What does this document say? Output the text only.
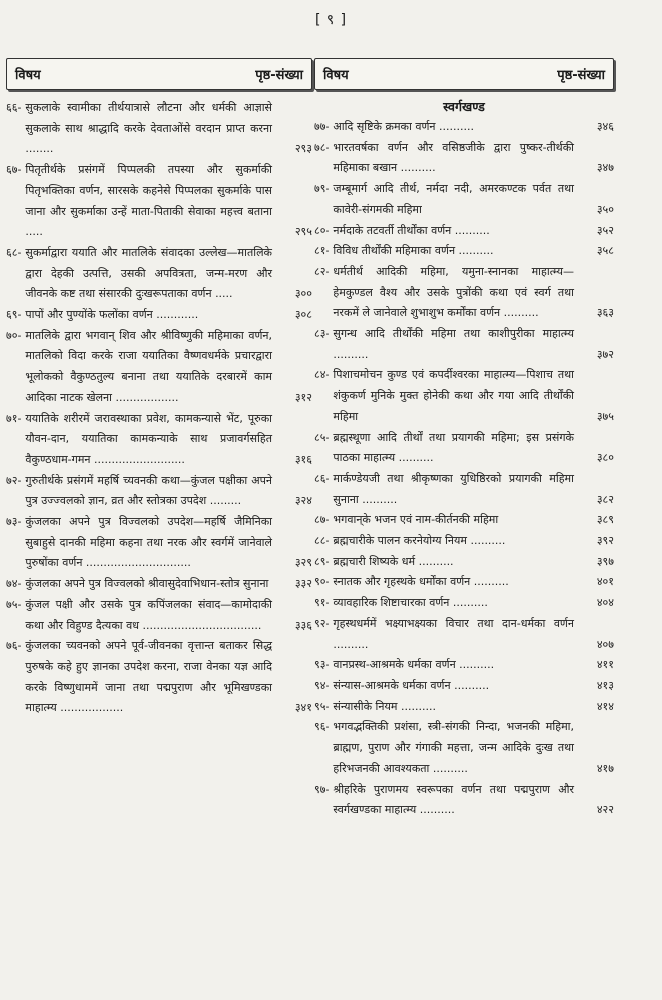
[ ९ ]
विषय	पृष्ठ-संख्या
६६- सुकलाके स्वामीका तीर्थयात्रासे लौटना और धर्मकी आज्ञासे सुकलाके साथ श्राद्धादि करके देवताओंसे वरदान प्राप्त करना ........	२९३
६७- पितृतीर्थके प्रसंगमें पिप्पलकी तपस्या और सुकर्माकी पितृभक्तिका वर्णन, सारसके कहनेसे पिप्पलका सुकर्माके पास जाना और सुकर्माका उन्हें माता-पिताकी सेवाका महत्त्व बताना .....	२९५
६८- सुकर्माद्वारा ययाति और मातलिके संवादका उल्लेख—मातलिके द्वारा देहकी उत्पत्ति, उसकी अपवित्रता, जन्म-मरण और जीवनके कष्ट तथा संसारकी दुःखरूपताका वर्णन .....	३००
६९- पापों और पुण्योंके फलोंका वर्णन ............	३०८
७०- मातलिके द्वारा भगवान् शिव और श्रीविष्णुकी महिमाका वर्णन, मातलिको विदा करके राजा ययातिका वैष्णवधर्मके प्रचारद्वारा भूलोकको वैकुण्ठतुल्य बनाना तथा ययातिके दरबारमें काम आदिका नाटक खेलना ..................	३१२
७१- ययातिके शरीरमें जरावस्थाका प्रवेश, कामकन्यासे भेंट, पूरुका यौवन-दान, ययातिका कामकन्याके साथ प्रजावर्गसहित वैकुण्ठधाम-गमन ..........................	३१६
७२- गुरुतीर्थके प्रसंगमें महर्षि च्यवनकी कथा—कुंजल पक्षीका अपने पुत्र उज्ज्वलको ज्ञान, व्रत और स्तोत्रका उपदेश .........	३२४
७३- कुंजलका अपने पुत्र विज्वलको उपदेश—महर्षि जैमिनिका सुबाहुसे दानकी महिमा कहना तथा नरक और स्वर्गमें जानेवाले पुरुषोंका वर्णन ..............................	३२९
७४- कुंजलका अपने पुत्र विज्वलको श्रीवासुदेवाभिधान-स्तोत्र सुनाना	३३२
७५- कुंजल पक्षी और उसके पुत्र कपिंजलका संवाद—कामोदाकी कथा और विहुण्ड दैत्यका वध ..................................	३३६
७६- कुंजलका च्यवनको अपने पूर्व-जीवनका वृत्तान्त बताकर सिद्ध पुरुषके कहे हुए ज्ञानका उपदेश करना, राजा वेनका यज्ञ आदि करके विष्णुधाममें जाना तथा पद्मपुराण और भूमिखण्डका माहात्म्य ..................	३४१
विषय	पृष्ठ-संख्या
स्वर्गखण्ड
७७- आदि सृष्टिके क्रमका वर्णन ..........	३४६
७८- भारतवर्षका वर्णन और वसिष्ठजीके द्वारा पुष्कर-तीर्थकी महिमाका बखान ..........	३४७
७९- जम्बूमार्ग आदि तीर्थ, नर्मदा नदी, अमरकण्टक पर्वत तथा कावेरी-संगमकी महिमा	३५०
८०- नर्मदाके तटवर्ती तीर्थोंका वर्णन ..........	३५२
८१- विविध तीर्थोंकी महिमाका वर्णन ..........	३५८
८२- धर्मतीर्थ आदिकी महिमा, यमुना-स्नानका माहात्म्य—हेमकुण्डल वैश्य और उसके पुत्रोंकी कथा एवं स्वर्ग तथा नरकमें ले जानेवाले शुभाशुभ कर्मोंका वर्णन ..........	३६३
८३- सुगन्ध आदि तीर्थोंकी महिमा तथा काशीपुरीका माहात्म्य ..........	३७२
८४- पिशाचमोचन कुण्ड एवं कपर्दीश्वरका माहात्म्य—पिशाच तथा शंकुकर्ण मुनिके मुक्त होनेकी कथा और गया आदि तीर्थोंकी महिमा	३७५
८५- ब्रह्मस्थूणा आदि तीर्थों तथा प्रयागकी महिमा; इस प्रसंगके पाठका माहात्म्य ..........	३८०
८६- मार्कण्डेयजी तथा श्रीकृष्णका युधिष्ठिरको प्रयागकी महिमा सुनाना ..........	३८२
८७- भगवान्‌के भजन एवं नाम-कीर्तनकी महिमा	३८९
८८- ब्रह्मचारीके पालन करनेयोग्य नियम ..........	३९२
८९- ब्रह्मचारी शिष्यके धर्म ..........	३९७
९०- स्नातक और गृहस्थके धर्मोंका वर्णन ..........	४०१
९१- व्यावहारिक शिष्टाचारका वर्णन ..........	४०४
९२- गृहस्थधर्ममें भक्ष्याभक्ष्यका विचार तथा दान-धर्मका वर्णन ..........	४०७
९३- वानप्रस्थ-आश्रमके धर्मका वर्णन ..........	४११
९४- संन्यास-आश्रमके धर्मका वर्णन ..........	४१३
९५- संन्यासीके नियम ..........	४१४
९६- भगवद्भक्तिकी प्रशंसा, स्त्री-संगकी निन्दा, भजनकी महिमा, ब्राह्मण, पुराण और गंगाकी महत्ता, जन्म आदिके दुःख तथा हरिभजनकी आवश्यकता ..........	४१७
९७- श्रीहरिके पुराणमय स्वरूपका वर्णन तथा पद्मपुराण और स्वर्गखण्डका माहात्म्य ..........	४२२
